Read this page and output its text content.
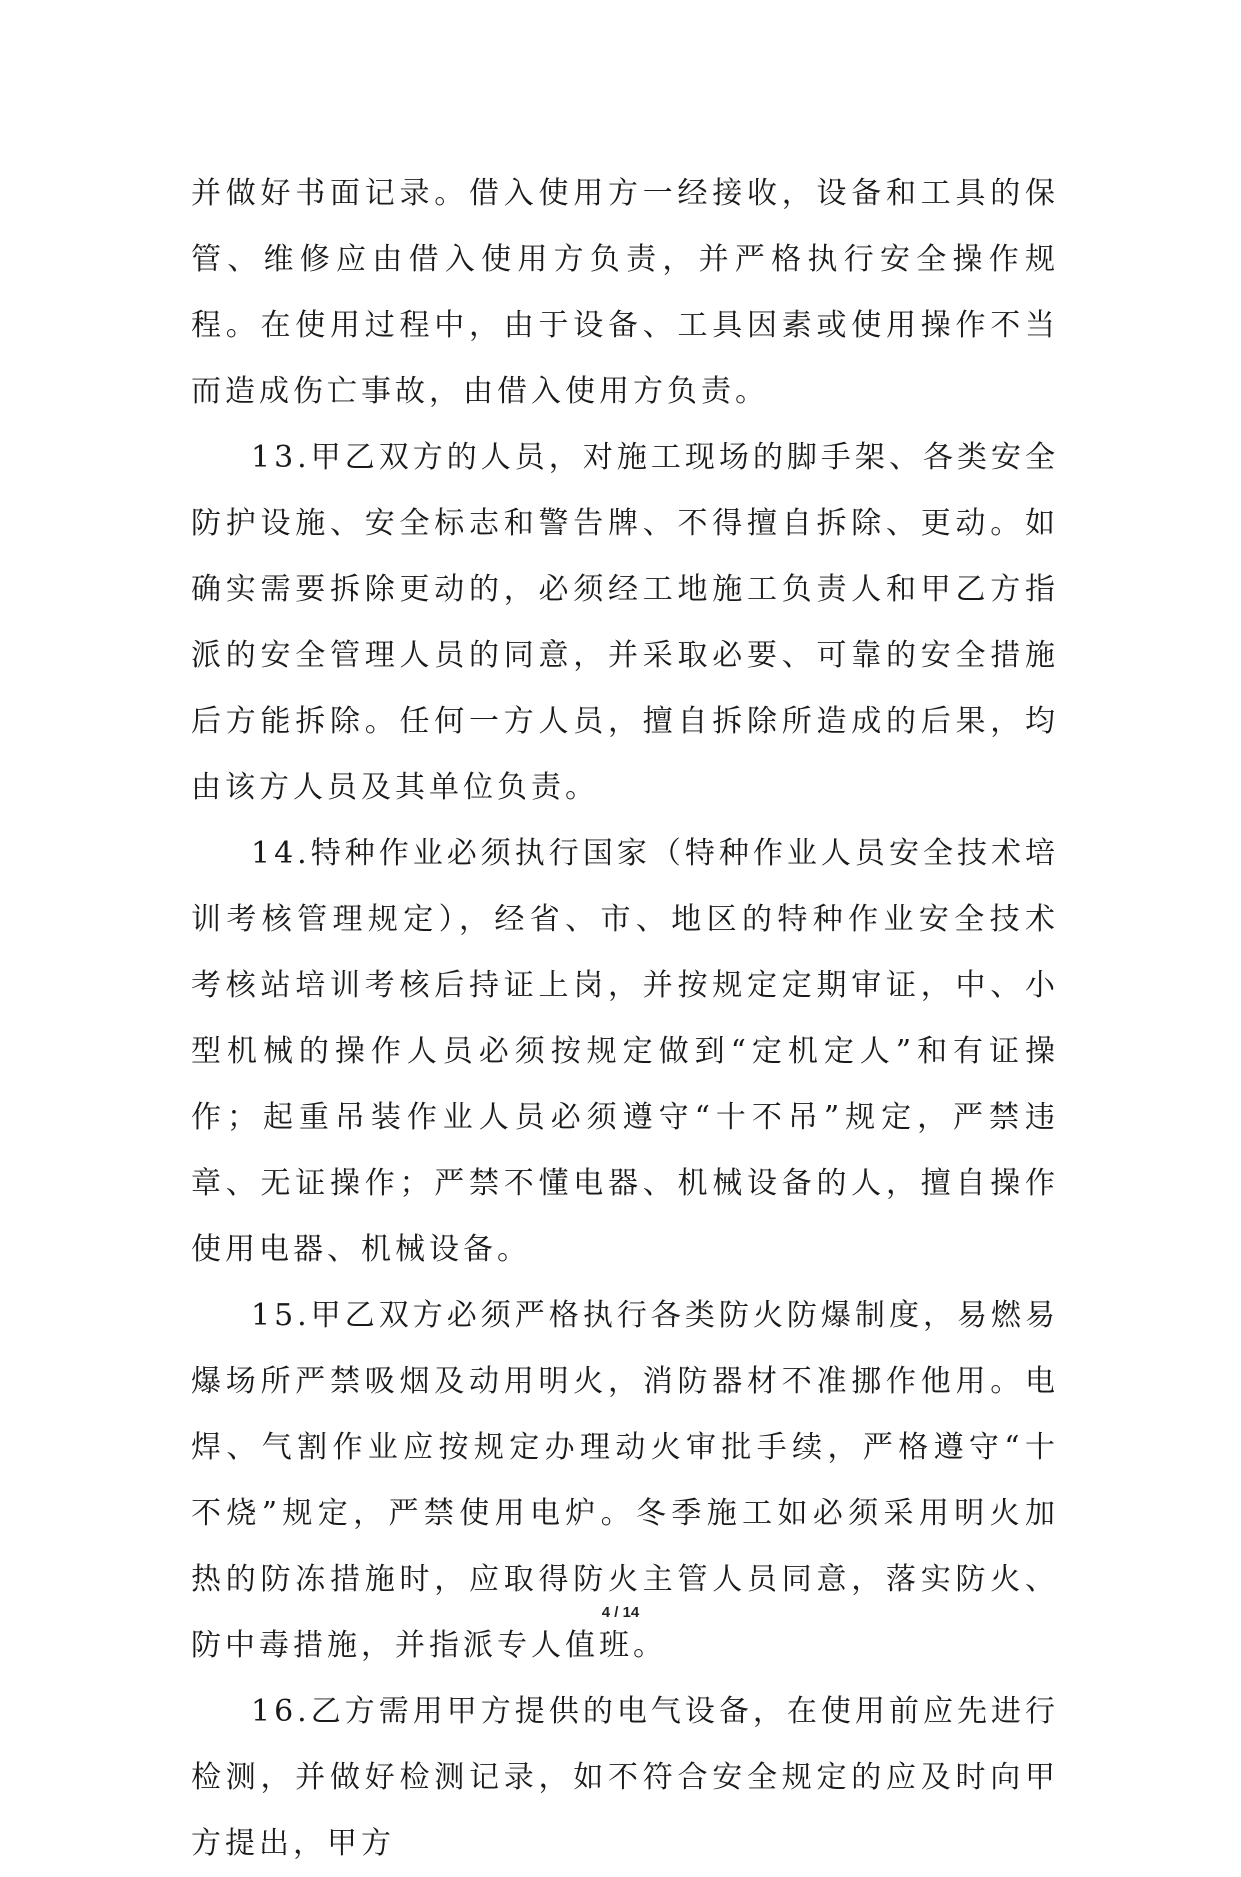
并做好书面记录。借入使用方一经接收，设备和工具的保管、维修应由借入使用方负责，并严格执行安全操作规程。在使用过程中，由于设备、工具因素或使用操作不当而造成伤亡事故，由借入使用方负责。

13.甲乙双方的人员，对施工现场的脚手架、各类安全防护设施、安全标志和警告牌、不得擅自拆除、更动。如确实需要拆除更动的，必须经工地施工负责人和甲乙方指派的安全管理人员的同意，并采取必要、可靠的安全措施后方能拆除。任何一方人员，擅自拆除所造成的后果，均由该方人员及其单位负责。

14.特种作业必须执行国家（特种作业人员安全技术培训考核管理规定），经省、市、地区的特种作业安全技术考核站培训考核后持证上岗，并按规定定期审证，中、小型机械的操作人员必须按规定做到“定机定人”和有证操作；起重吊装作业人员必须遵守“十不吊”规定，严禁违章、无证操作；严禁不懂电器、机械设备的人，擅自操作使用电器、机械设备。

15.甲乙双方必须严格执行各类防火防爆制度，易燃易爆场所严禁吸烟及动用明火，消防器材不准挪作他用。电焊、气割作业应按规定办理动火审批手续，严格遵守“十不烧”规定，严禁使用电炉。冬季施工如必须采用明火加热的防冻措施时，应取得防火主管人员同意，落实防火、防中毒措施，并指派专人值班。

16.乙方需用甲方提供的电气设备，在使用前应先进行检测，并做好检测记录，如不符合安全规定的应及时向甲方提出，甲方

4 / 14
